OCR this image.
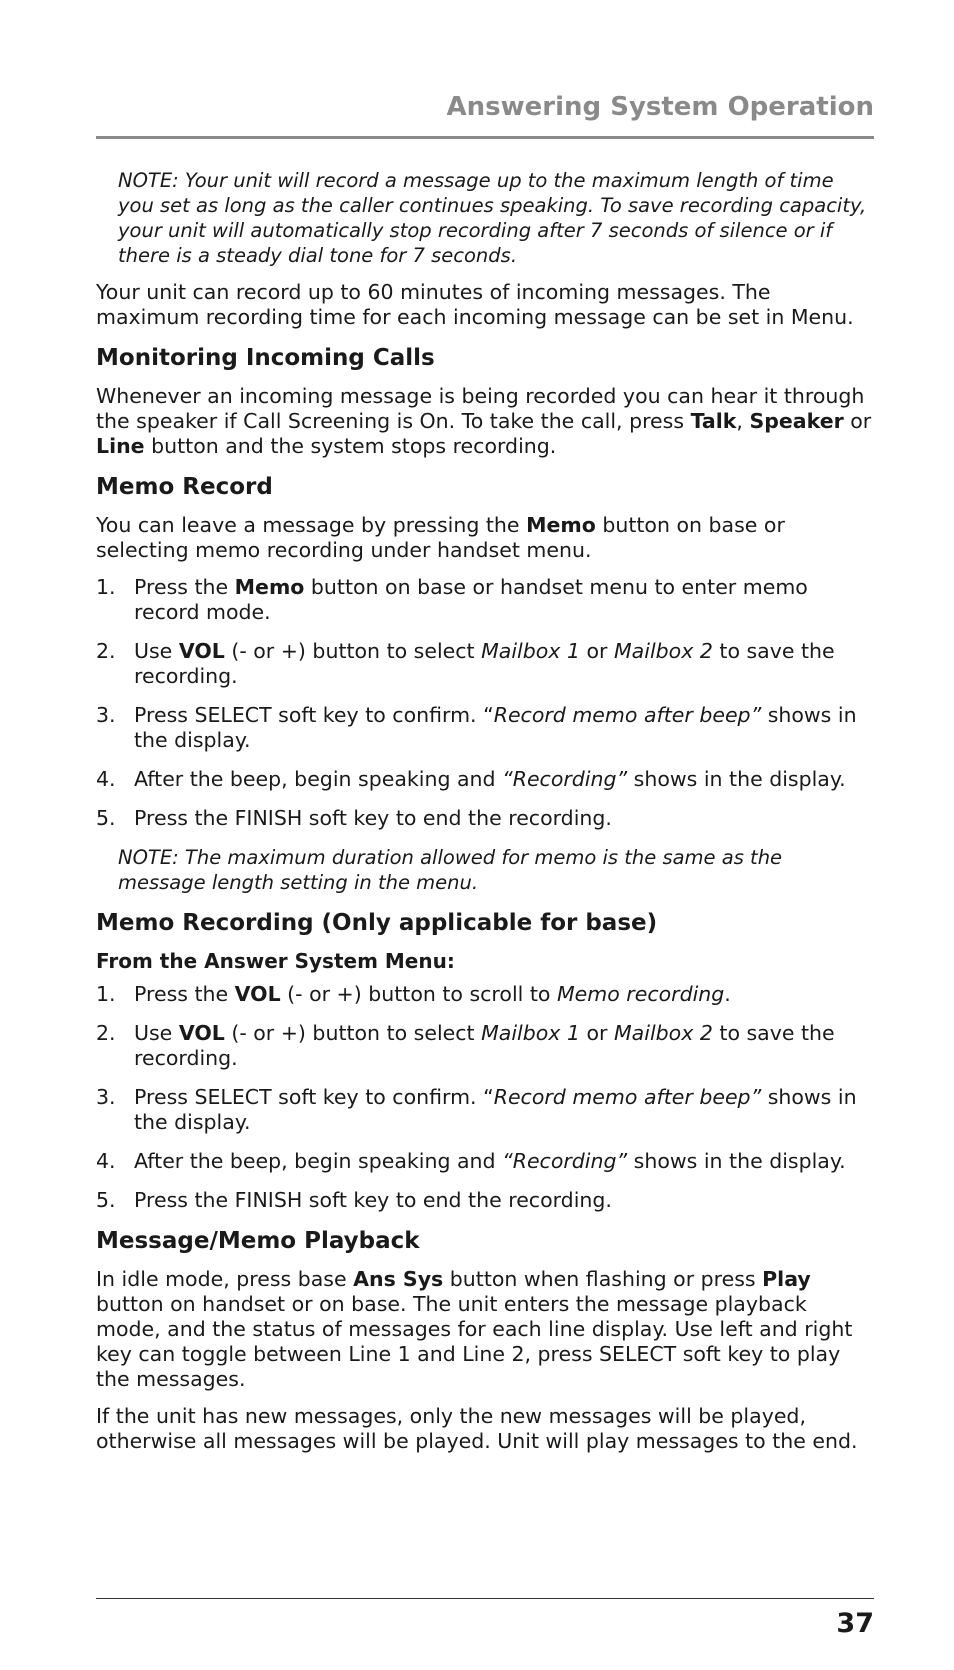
Answering System Operation

NOTE: Your unit will record a message up to the maximum length of time you set as long as the caller continues speaking. To save recording capacity, your unit will automatically stop recording after 7 seconds of silence or if there is a steady dial tone for 7 seconds.

Your unit can record up to 60 minutes of incoming messages. The maximum recording time for each incoming message can be set in Menu.

Monitoring Incoming Calls

Whenever an incoming message is being recorded you can hear it through the speaker if Call Screening is On. To take the call, press Talk, Speaker or Line button and the system stops recording.

Memo Record

You can leave a message by pressing the Memo button on base or selecting memo recording under handset menu.

1. Press the Memo button on base or handset menu to enter memo record mode.
2. Use VOL (- or +) button to select Mailbox 1 or Mailbox 2 to save the recording.
3. Press SELECT soft key to confirm. “Record memo after beep” shows in the display.
4. After the beep, begin speaking and “Recording” shows in the display.
5. Press the FINISH soft key to end the recording.

NOTE: The maximum duration allowed for memo is the same as the message length setting in the menu.

Memo Recording (Only applicable for base)
From the Answer System Menu:
1. Press the VOL (- or +) button to scroll to Memo recording.
2. Use VOL (- or +) button to select Mailbox 1 or Mailbox 2 to save the recording.
3. Press SELECT soft key to confirm. “Record memo after beep” shows in the display.
4. After the beep, begin speaking and “Recording” shows in the display.
5. Press the FINISH soft key to end the recording.
Message/Memo Playback

In idle mode, press base Ans Sys button when flashing or press Play button on handset or on base. The unit enters the message playback mode, and the status of messages for each line display. Use left and right key can toggle between Line 1 and Line 2, press SELECT soft key to play the messages.

If the unit has new messages, only the new messages will be played, otherwise all messages will be played. Unit will play messages to the end.

37
